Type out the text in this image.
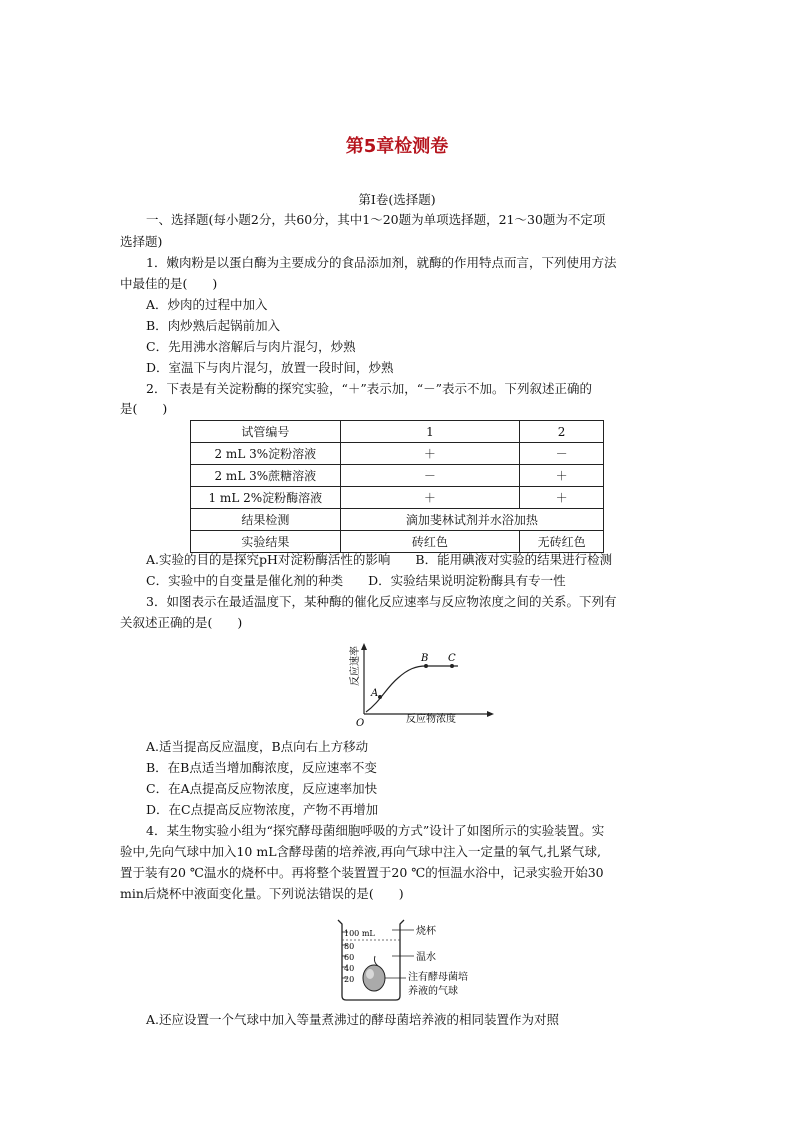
第5章检测卷
第Ⅰ卷(选择题)
一、选择题(每小题2分，共60分，其中1～20题为单项选择题，21～30题为不定项
选择题)
1．嫩肉粉是以蛋白酶为主要成分的食品添加剂，就酶的作用特点而言，下列使用方法
中最佳的是(　　)
A．炒肉的过程中加入
B．肉炒熟后起锅前加入
C．先用沸水溶解后与肉片混匀，炒熟
D．室温下与肉片混匀，放置一段时间，炒熟
2．下表是有关淀粉酶的探究实验，“＋”表示加，“－”表示不加。下列叙述正确的
是(　　)
试管编号	1	2
2 mL 3%淀粉溶液	＋	－
2 mL 3%蔗糖溶液	－	＋
1 mL 2%淀粉酶溶液	＋	＋
结果检测	滴加斐林试剂并水浴加热	
实验结果	砖红色	无砖红色
A.实验的目的是探究pH对淀粉酶活性的影响　　B．能用碘液对实验的结果进行检测
C．实验中的自变量是催化剂的种类　　D．实验结果说明淀粉酶具有专一性
3．如图表示在最适温度下，某种酶的催化反应速率与反应物浓度之间的关系。下列有
关叙述正确的是(　　)
A
B C
O	反应物浓度
反应速率
A.适当提高反应温度，B点向右上方移动
B．在B点适当增加酶浓度，反应速率不变
C．在A点提高反应物浓度，反应速率加快
D．在C点提高反应物浓度，产物不再增加
4．某生物实验小组为“探究酵母菌细胞呼吸的方式”设计了如图所示的实验装置。实
验中,先向气球中加入10 mL含酵母菌的培养液,再向气球中注入一定量的氧气,扎紧气球,
置于装有20 ℃温水的烧杯中。再将整个装置置于20 ℃的恒温水浴中，记录实验开始30
min后烧杯中液面变化量。下列说法错误的是(　　)
100 mL
80
60
40
20
烧杯
温水
注有酵母菌培
养液的气球
A.还应设置一个气球中加入等量煮沸过的酵母菌培养液的相同装置作为对照
